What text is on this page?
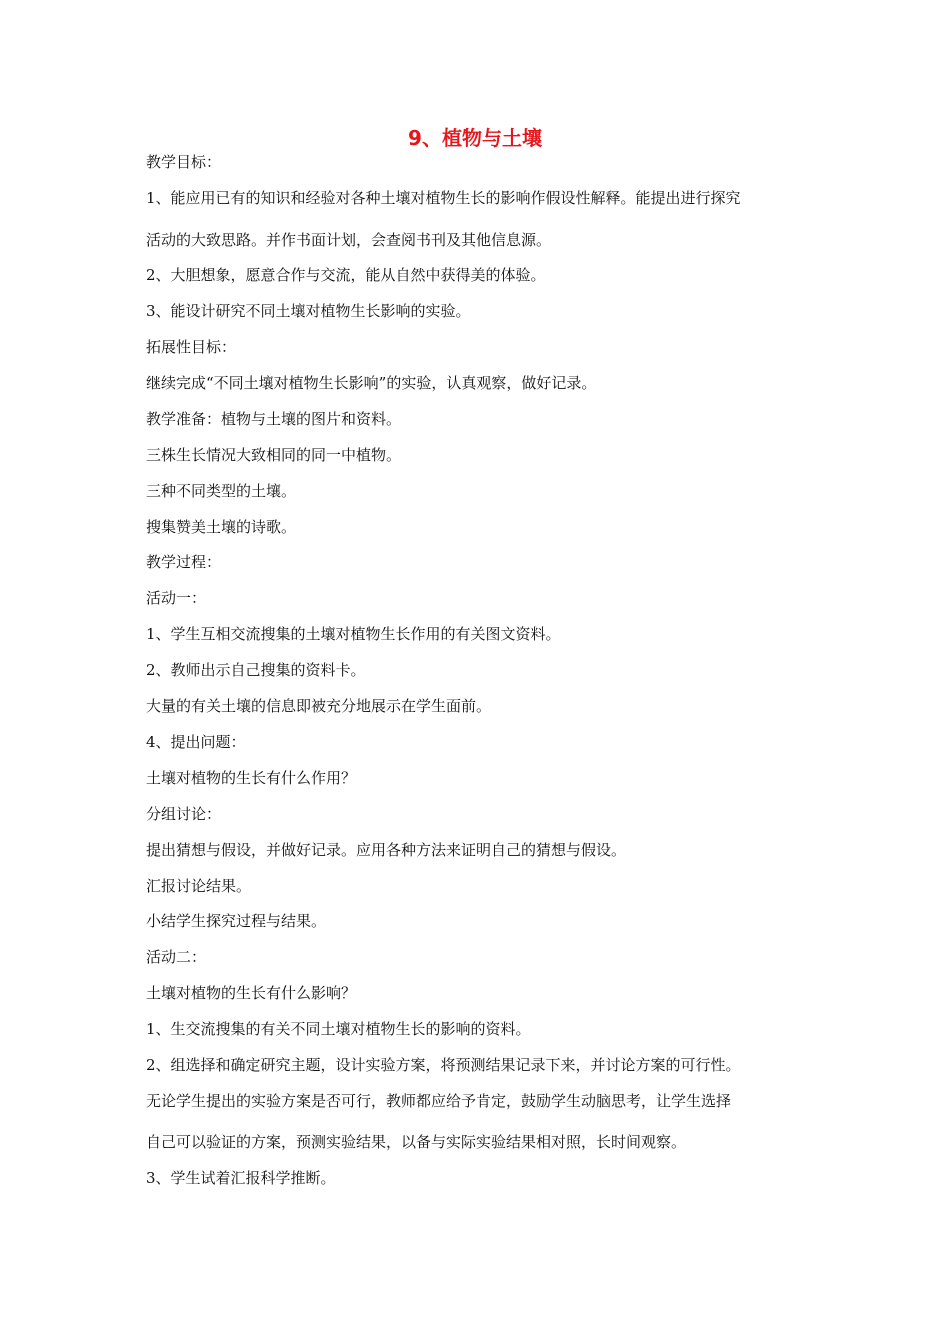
9、植物与土壤
教学目标：
1、能应用已有的知识和经验对各种土壤对植物生长的影响作假设性解释。能提出进行探究
活动的大致思路。并作书面计划，会查阅书刊及其他信息源。
2、大胆想象，愿意合作与交流，能从自然中获得美的体验。
3、能设计研究不同土壤对植物生长影响的实验。
拓展性目标：
继续完成“不同土壤对植物生长影响”的实验，认真观察，做好记录。
教学准备：植物与土壤的图片和资料。
三株生长情况大致相同的同一中植物。
三种不同类型的土壤。
搜集赞美土壤的诗歌。
教学过程：
活动一：
1、学生互相交流搜集的土壤对植物生长作用的有关图文资料。
2、教师出示自己搜集的资料卡。
大量的有关土壤的信息即被充分地展示在学生面前。
4、提出问题：
土壤对植物的生长有什么作用？
分组讨论：
提出猜想与假设，并做好记录。应用各种方法来证明自己的猜想与假设。
汇报讨论结果。
小结学生探究过程与结果。
活动二：
土壤对植物的生长有什么影响？
1、生交流搜集的有关不同土壤对植物生长的影响的资料。
2、组选择和确定研究主题，设计实验方案，将预测结果记录下来，并讨论方案的可行性。
无论学生提出的实验方案是否可行，教师都应给予肯定，鼓励学生动脑思考，让学生选择
自己可以验证的方案，预测实验结果，以备与实际实验结果相对照，长时间观察。
3、学生试着汇报科学推断。
